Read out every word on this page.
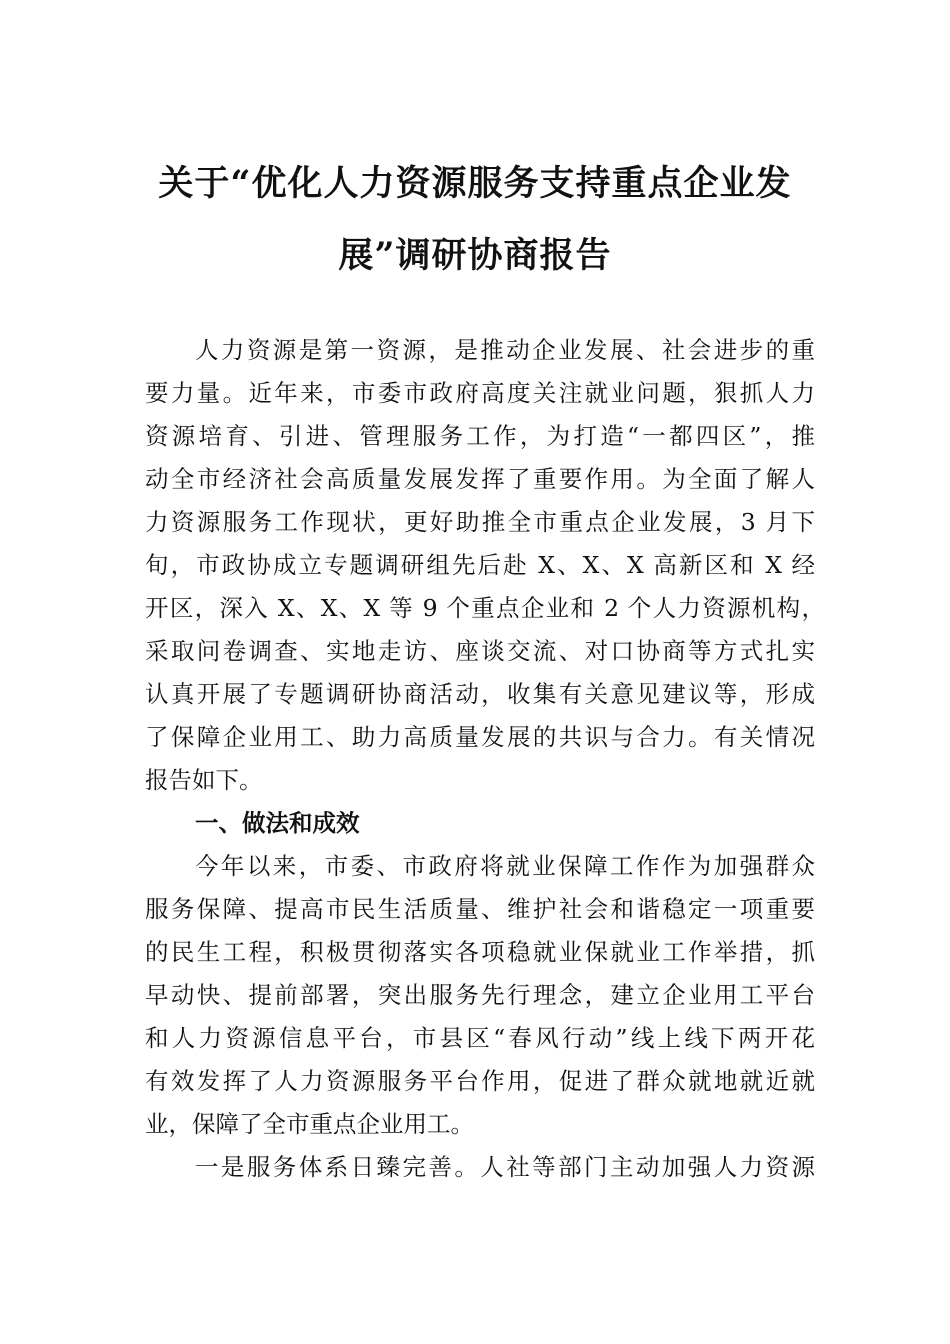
关于“优化人力资源服务支持重点企业发
展”调研协商报告
人力资源是第一资源，是推动企业发展、社会进步的重
要力量。近年来，市委市政府高度关注就业问题，狠抓人力
资源培育、引进、管理服务工作，为打造“一都四区”，推
动全市经济社会高质量发展发挥了重要作用。为全面了解人
力资源服务工作现状，更好助推全市重点企业发展，3 月下
旬，市政协成立专题调研组先后赴 X、X、X 高新区和 X 经
开区，深入 X、X、X 等 9 个重点企业和 2 个人力资源机构，
采取问卷调查、实地走访、座谈交流、对口协商等方式扎实
认真开展了专题调研协商活动，收集有关意见建议等，形成
了保障企业用工、助力高质量发展的共识与合力。有关情况
报告如下。
一、做法和成效
今年以来，市委、市政府将就业保障工作作为加强群众
服务保障、提高市民生活质量、维护社会和谐稳定一项重要
的民生工程，积极贯彻落实各项稳就业保就业工作举措，抓
早动快、提前部署，突出服务先行理念，建立企业用工平台
和人力资源信息平台，市县区“春风行动”线上线下两开花
有效发挥了人力资源服务平台作用，促进了群众就地就近就
业，保障了全市重点企业用工。
一是服务体系日臻完善。人社等部门主动加强人力资源
